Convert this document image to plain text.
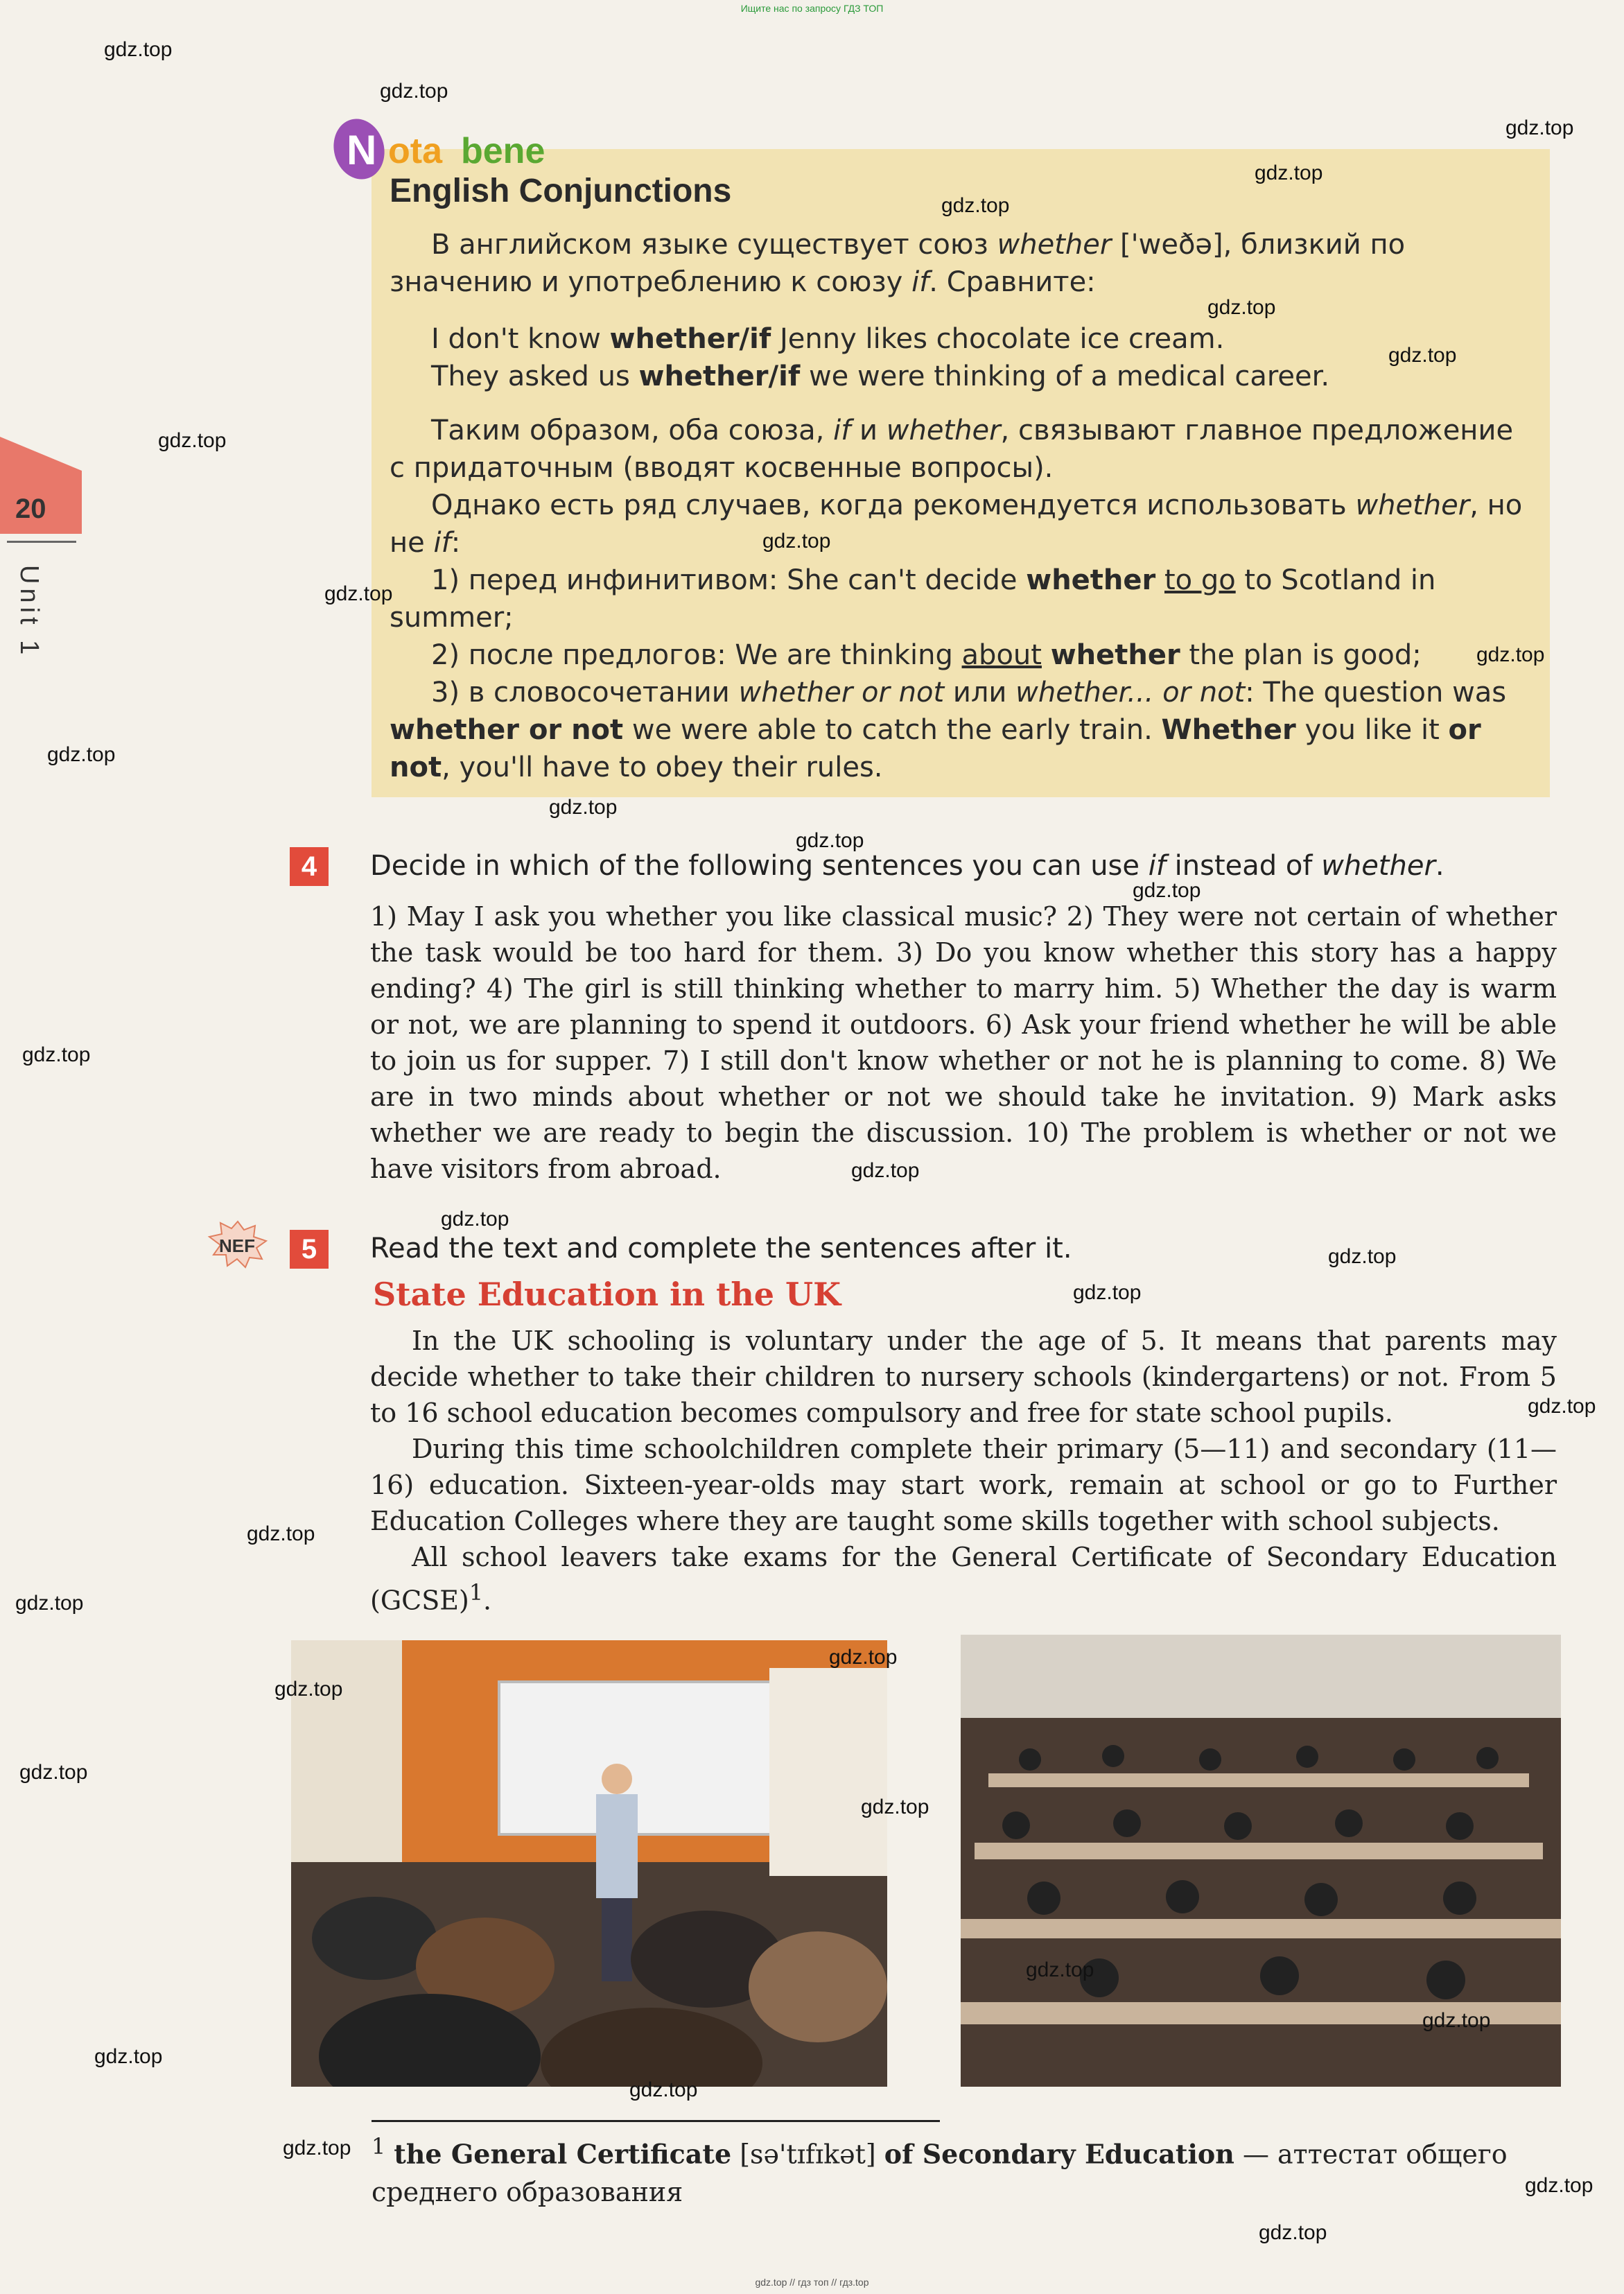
Ищите нас по запросу ГДЗ ТОП
20
Unit 1
N ota bene
English Conjunctions
В английском языке существует союз whether ['weðə], близкий по значению и употреблению к союзу if. Сравните:
I don't know whether/if Jenny likes chocolate ice cream.
They asked us whether/if we were thinking of a medical career.
Таким образом, оба союза, if и whether, связывают главное предложение с придаточным (вводят косвенные вопросы).
Однако есть ряд случаев, когда рекомендуется использовать whether, но не if:
1) перед инфинитивом: She can't decide whether to go to Scotland in summer;
2) после предлогов: We are thinking about whether the plan is good;
3) в словосочетании whether or not или whether... or not: The question was whether or not we were able to catch the early train. Whether you like it or not, you'll have to obey their rules.
4	Decide in which of the following sentences you can use if instead of whether.
1) May I ask you whether you like classical music? 2) They were not certain of whether the task would be too hard for them. 3) Do you know whether this story has a happy ending? 4) The girl is still thinking whether to marry him. 5) Whether the day is warm or not, we are planning to spend it outdoors. 6) Ask your friend whether he will be able to join us for supper. 7) I still don't know whether or not he is planning to come. 8) We are in two minds about whether or not we should take he invitation. 9) Mark asks whether we are ready to begin the discussion. 10) The problem is whether or not we have visitors from abroad.
NEF	5	Read the text and complete the sentences after it.
State Education in the UK
In the UK schooling is voluntary under the age of 5. It means that parents may decide whether to take their children to nursery schools (kindergartens) or not. From 5 to 16 school education becomes compulsory and free for state school pupils.
During this time schoolchildren complete their primary (5—11) and secondary (11—16) education. Sixteen-year-olds may start work, remain at school or go to Further Education Colleges where they are taught some skills together with school subjects.
All school leavers take exams for the General Certificate of Secondary Education (GCSE)$^1$.
$^1$ the General Certificate [sə'tɪfɪkət] of Secondary Education — аттестат общего среднего образования
gdz.top
gdz.top
gdz.top
gdz.top
gdz.top
gdz.top
gdz.top
gdz.top
gdz.top
gdz.top
gdz.top
gdz.top
gdz.top
gdz.top
gdz.top
gdz.top
gdz.top
gdz.top
gdz.top
gdz.top
gdz.top
gdz.top
gdz.top
gdz.top
gdz.top
gdz.top
gdz.top
gdz.top
gdz.top
gdz.top
gdz.top
gdz.top
gdz.top
gdz.top
gdz.top // гдз топ // гдз.top
